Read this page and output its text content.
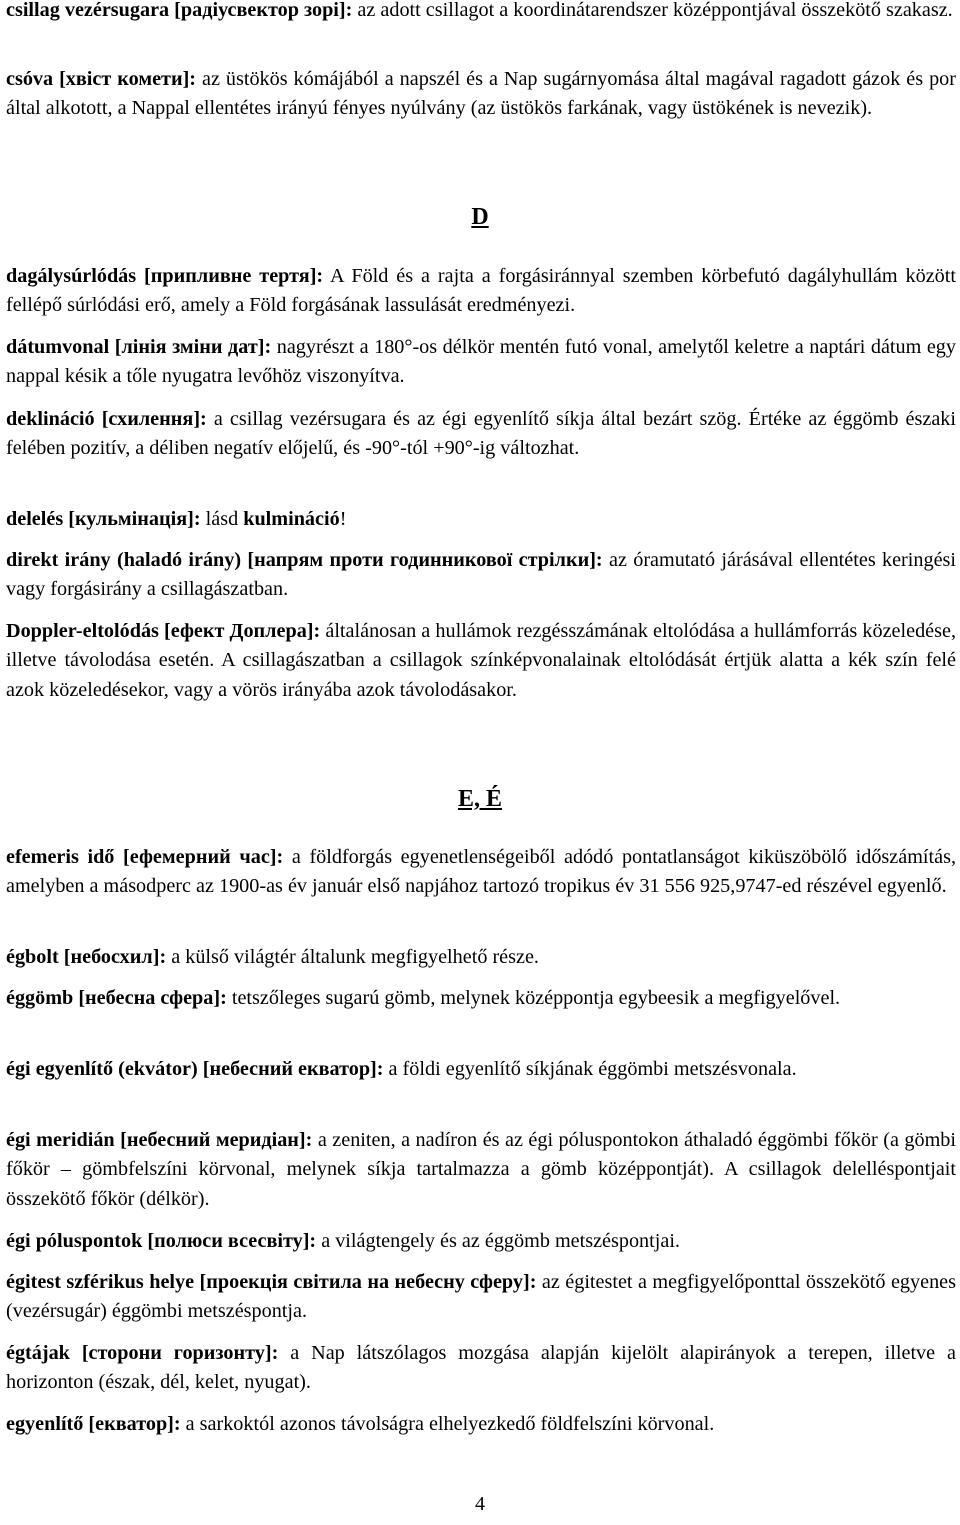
csillag vezérsugara [радіусвектор зорі]: az adott csillagot a koordinátarendszer középpontjával összekötő szakasz.

csóva [хвіст комети]: az üstökös kómájából a napszél és a Nap sugárnyomása által magával ragadott gázok és por által alkotott, a Nappal ellentétes irányú fényes nyúlvány (az üstökös farkának, vagy üstökének is nevezik).

D

dagálysúrlódás [припливне тертя]: A Föld és a rajta a forgásiránnyal szemben körbefutó dagályhullám között fellépő súrlódási erő, amely a Föld forgásának lassulását eredményezi.

dátumvonal [лінія зміни дат]: nagyrészt a 180°-os délkör mentén futó vonal, amelytől keletre a naptári dátum egy nappal késik a tőle nyugatra levőhöz viszonyítva.

deklináció [схилення]: a csillag vezérsugara és az égi egyenlítő síkja által bezárt szög. Értéke az éggömb északi felében pozitív, a déliben negatív előjelű, és -90°-tól +90°-ig változhat.

delelés [кульмінація]: lásd kulmináció!

direkt irány (haladó irány) [напрям проти годинникової стрілки]: az óramutató járásával ellentétes keringési vagy forgásirány a csillagászatban.

Doppler-eltolódás [ефект Доплера]: általánosan a hullámok rezgésszámának eltolódása a hullámforrás közeledése, illetve távolodása esetén. A csillagászatban a csillagok színképvonalainak eltolódását értjük alatta a kék szín felé azok közeledésekor, vagy a vörös irányába azok távolodásakor.

E, É

efemeris idő [ефемерний час]: a földforgás egyenetlenségeiből adódó pontatlanságot kiküszöbölő időszámítás, amelyben a másodperc az 1900-as év január első napjához tartozó tropikus év 31 556 925,9747-ed részével egyenlő.

égbolt [небосхил]: a külső világtér általunk megfigyelhető része.

éggömb [небесна сфера]: tetszőleges sugarú gömb, melynek középpontja egybeesik a megfigyelővel.

égi egyenlítő (ekvátor) [небесний екватор]: a földi egyenlítő síkjának éggömbi metszésvonala.

égi meridián [небесний меридіан]: a zeniten, a nadíron és az égi póluspontokon áthaladó éggömbi főkör (a gömbi főkör – gömbfelszíni körvonal, melynek síkja tartalmazza a gömb középpontját). A csillagok delelléspontjait összekötő főkör (délkör).

égi póluspontok [полюси всесвіту]: a világtengely és az éggömb metszéspontjai.

égitest szférikus helye [проекція світила на небесну сферу]: az égitestet a megfigyelőponttal összekötő egyenes (vezérsugár) éggömbi metszéspontja.

égtájak [сторони горизонту]: a Nap látszólagos mozgása alapján kijelölt alapirányok a terepen, illetve a horizonton (észak, dél, kelet, nyugat).

egyenlítő [екватор]: a sarkoktól azonos távolságra elhelyezkedő földfelszíni körvonal.

4
